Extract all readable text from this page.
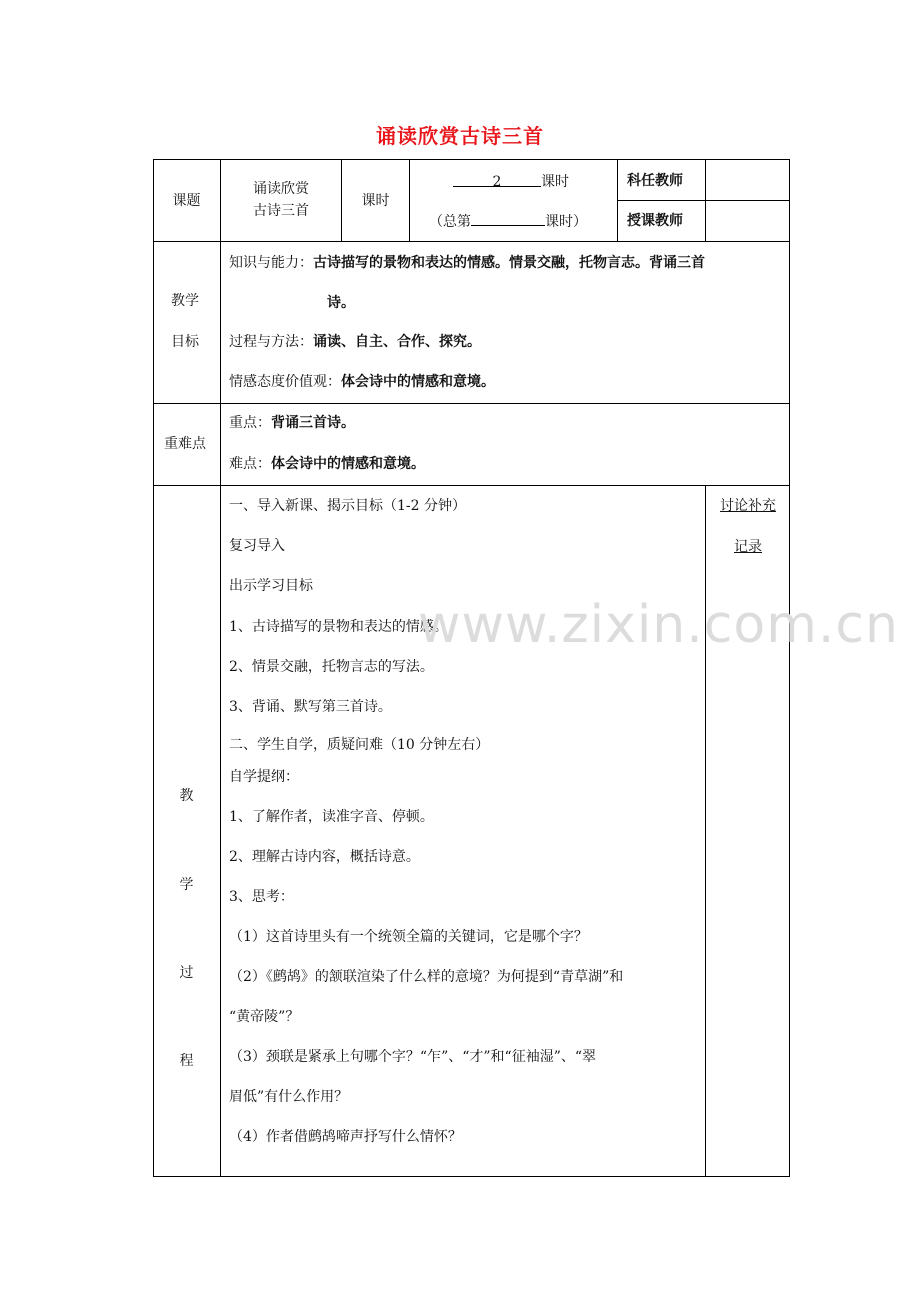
诵读欣赏古诗三首
课题
诵读欣赏
古诗三首
课时
2	课时
（总第	课时）
科任教师
授课教师
教学
目标
知识与能力：古诗描写的景物和表达的情感。情景交融，托物言志。背诵三首
诗。
过程与方法：诵读、自主、合作、探究。
情感态度价值观：体会诗中的情感和意境。
重难点
重点：背诵三首诗。
难点：体会诗中的情感和意境。
教
学
过
程
讨论补充
记录
一、导入新课、揭示目标（1-2 分钟）
复习导入
出示学习目标
1、古诗描写的景物和表达的情感。
2、情景交融，托物言志的写法。
3、背诵、默写第三首诗。
二、学生自学，质疑问难（10 分钟左右）
自学提纲：
1、了解作者，读准字音、停顿。
2、理解古诗内容，概括诗意。
3、思考：
（1）这首诗里头有一个统领全篇的关键词，它是哪个字？
（2）《鹧鸪》的颔联渲染了什么样的意境？为何提到“青草湖”和
“黄帝陵”？
（3）颈联是紧承上句哪个字？“乍”、“才”和“征袖湿”、“翠
眉低”有什么作用？
（4）作者借鹧鸪啼声抒写什么情怀？
www.zixin.com.cn
